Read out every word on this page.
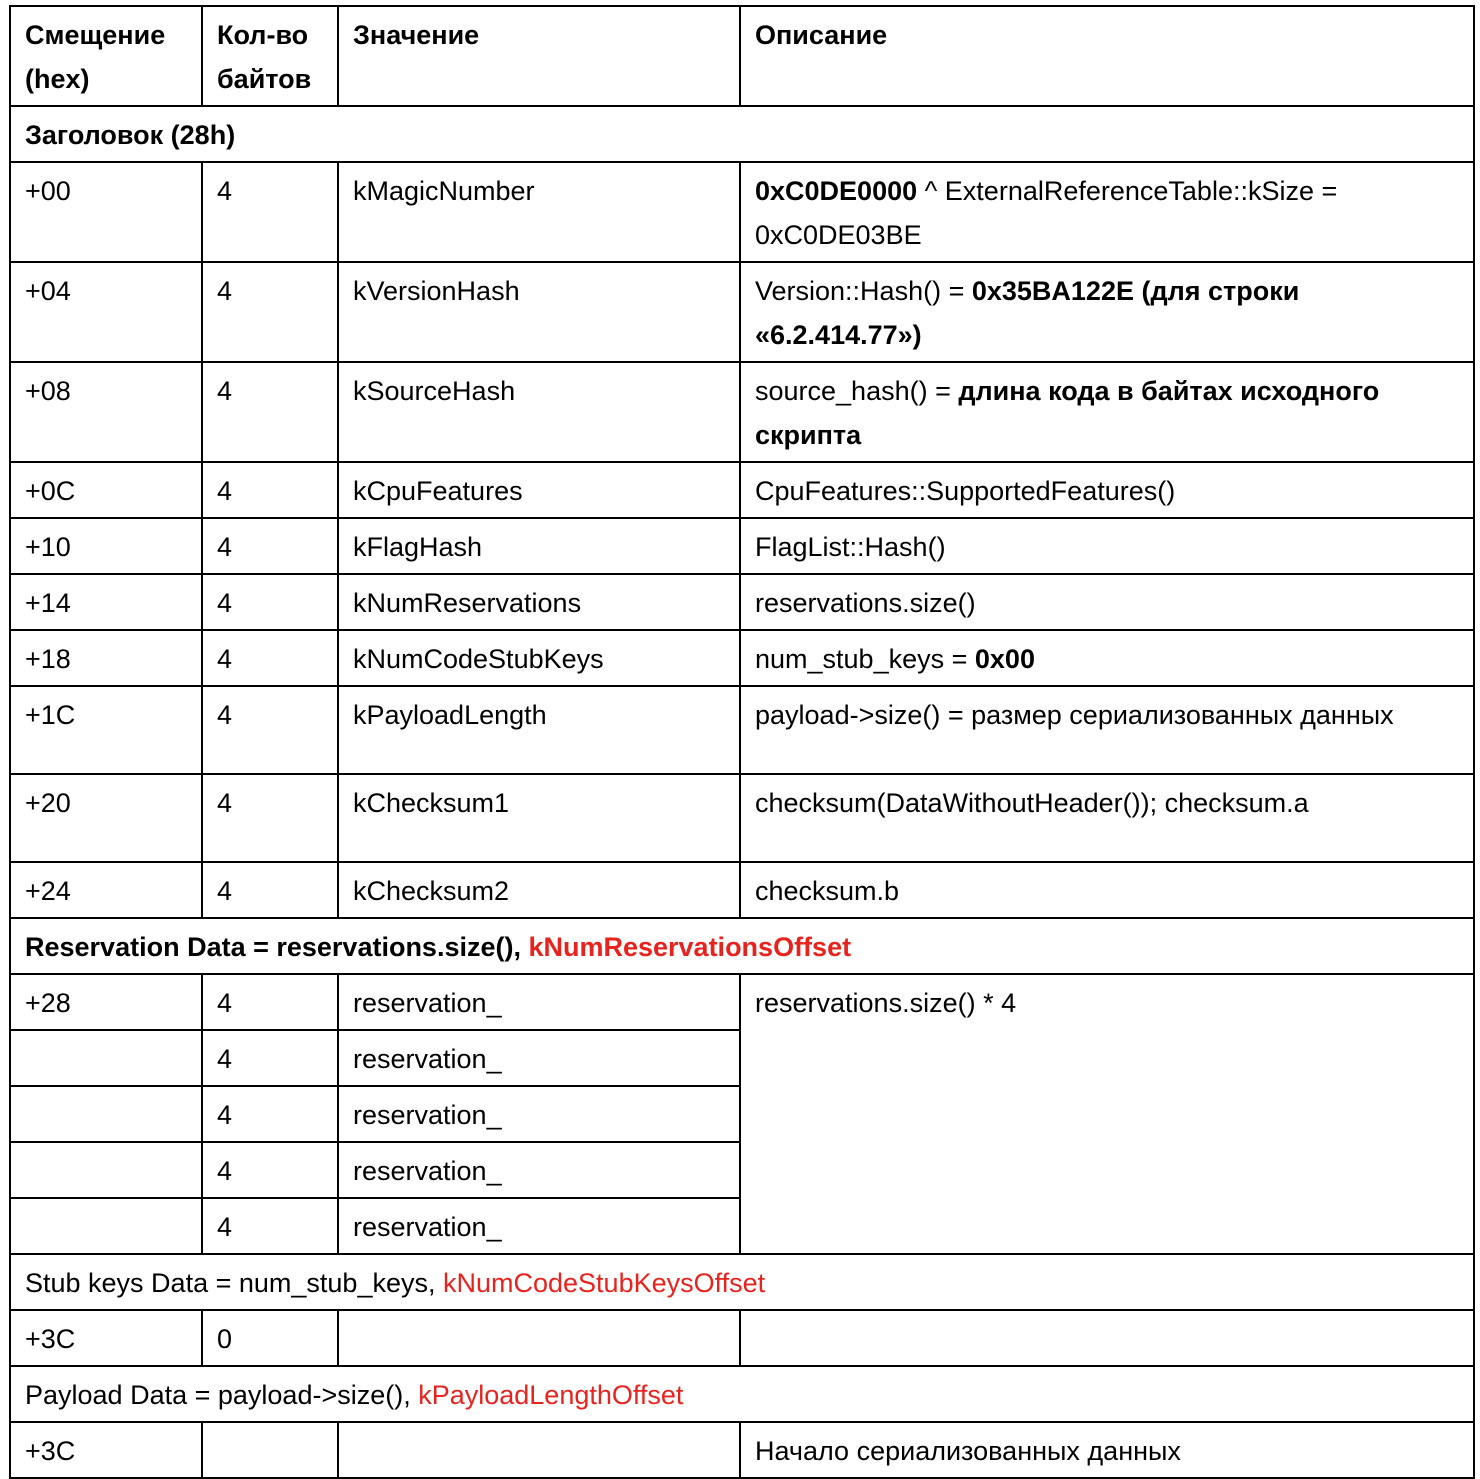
Смещение (hex)	Кол-во байтов	Значение	Описание
Заголовок (28h)			
+00	4	kMagicNumber	0xC0DE0000 ^ ExternalReferenceTable::kSize = 0xC0DE03BE
+04	4	kVersionHash	Version::Hash() = 0x35BA122E (для строки «6.2.414.77»)
+08	4	kSourceHash	source_hash() = длина кода в байтах исходного скрипта
+0C	4	kCpuFeatures	CpuFeatures::SupportedFeatures()
+10	4	kFlagHash	FlagList::Hash()
+14	4	kNumReservations	reservations.size()
+18	4	kNumCodeStubKeys	num_stub_keys = 0x00
+1C	4	kPayloadLength	payload->size() = размер сериализованных данных
+20	4	kChecksum1	checksum(DataWithoutHeader()); checksum.a
+24	4	kChecksum2	checksum.b
Reservation Data = reservations.size(), kNumReservationsOffset			
+28	4	reservation_	reservations.size() * 4
	4	reservation_	
	4	reservation_	
	4	reservation_	
	4	reservation_	
Stub keys Data = num_stub_keys, kNumCodeStubKeysOffset			
+3C	0		
Payload Data = payload->size(), kPayloadLengthOffset			
+3C			Начало сериализованных данных
